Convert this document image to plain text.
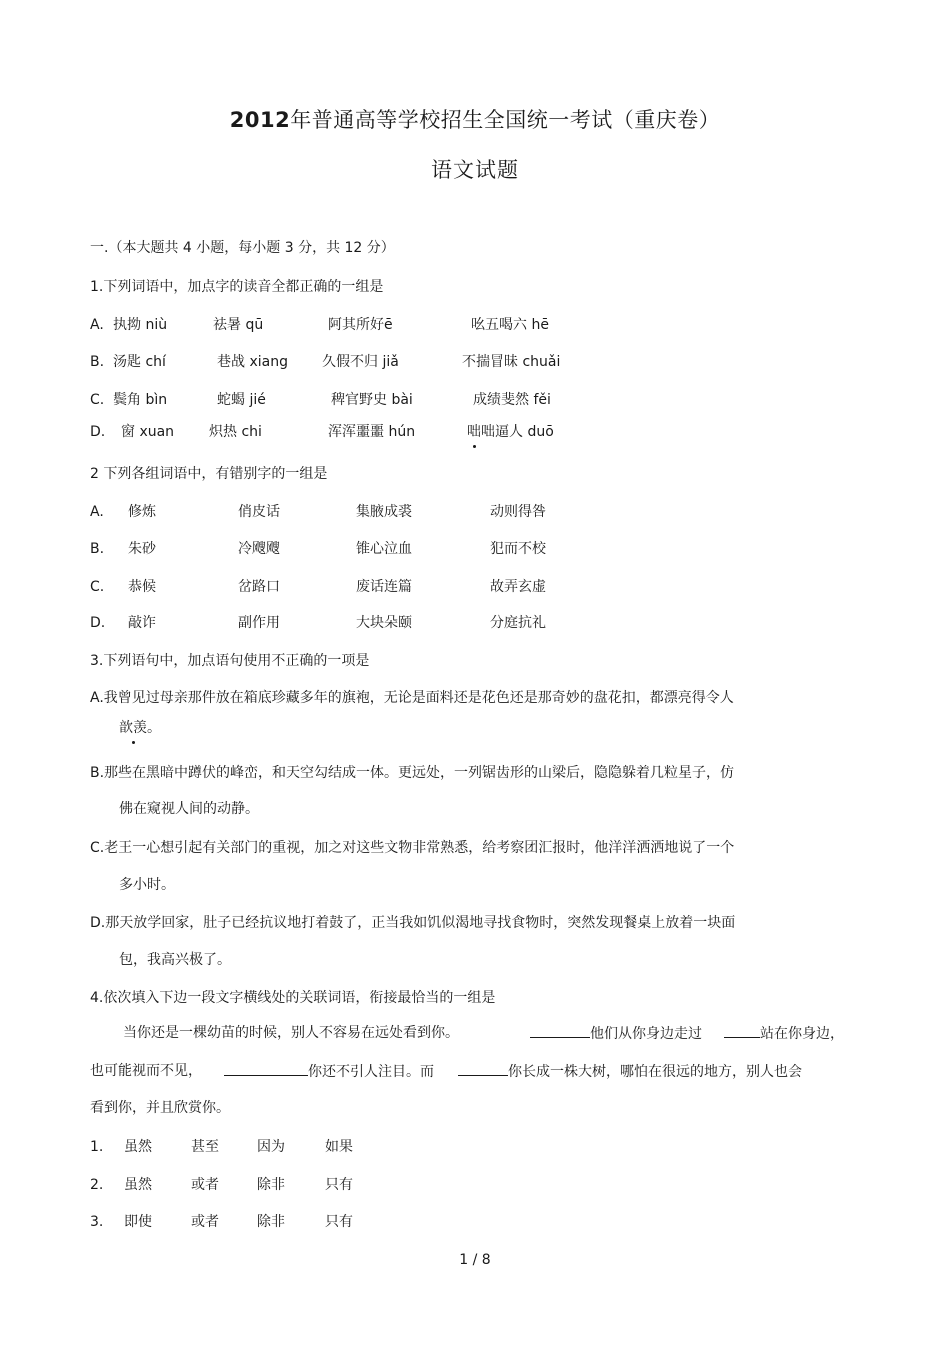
2012年普通高等学校招生全国统一考试（重庆卷）
语文试题
一.（本大题共 4 小题，每小题 3 分，共 12 分）
1.下列词语中，加点字的读音全都正确的一组是
A. 执拗 niù	祛暑 qū	阿其所好ē	吆五喝六 hē
B. 汤匙 chí	巷战 xiang 久假不归 jiǎ	不揣冒昧 chuǎi
C. 鬓角 bìn	蛇蝎 jié	稗官野史 bài	成绩斐然 fěi
D. 窗 xuan 炽热 chi	浑浑噩噩 hún	咄咄逼人 duō
2 下列各组词语中，有错别字的一组是
A. 修炼	俏皮话	集腋成裘	动则得咎
B. 朱砂	冷飕飕	锥心泣血	犯而不校
C. 恭候	岔路口	废话连篇	故弄玄虚
D. 敲诈	副作用	大块朵颐	分庭抗礼
3.下列语句中，加点语句使用不正确的一项是
A.我曾见过母亲那件放在箱底珍藏多年的旗袍，无论是面料还是花色还是那奇妙的盘花扣，都漂亮得令人
歆羡。
B.那些在黑暗中蹲伏的峰峦，和天空勾结成一体。更远处，一列锯齿形的山梁后，隐隐躲着几粒星子，仿
佛在窥视人间的动静。
C.老王一心想引起有关部门的重视，加之对这些文物非常熟悉，给考察团汇报时，他洋洋洒洒地说了一个
多小时。
D.那天放学回家，肚子已经抗议地打着鼓了，正当我如饥似渴地寻找食物时，突然发现餐桌上放着一块面
包，我高兴极了。
4.依次填入下边一段文字横线处的关联词语，衔接最恰当的一组是
当你还是一棵幼苗的时候，别人不容易在远处看到你。	他们从你身边走过	站在你身边，
也可能视而不见，	你还不引人注目。而	你长成一株大树，哪怕在很远的地方，别人也会
看到你，并且欣赏你。
1. 虽然	甚至	因为	如果
2. 虽然	或者	除非	只有
3. 即使	或者	除非	只有
1 / 8
